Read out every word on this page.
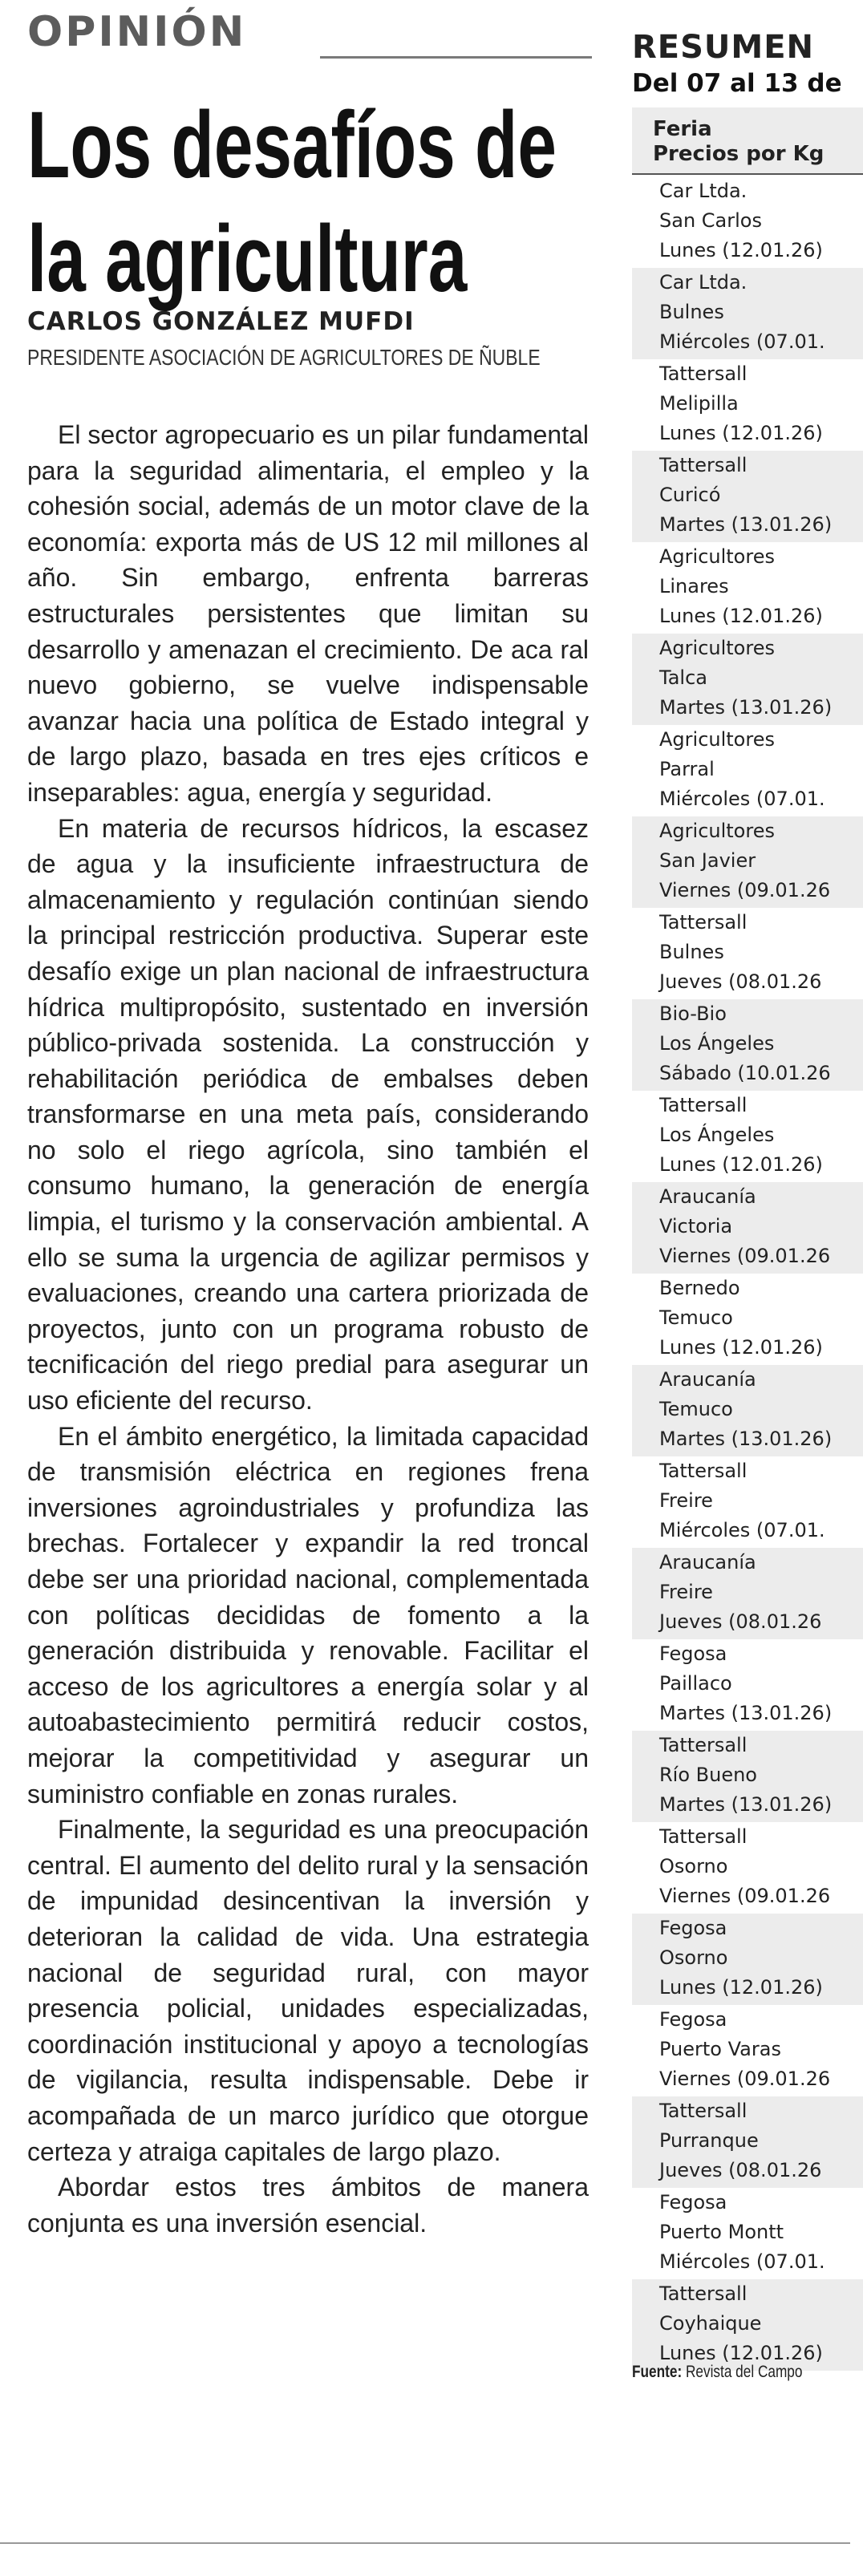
OPINIÓN
Los desafíos de
la agricultura
CARLOS GONZÁLEZ MUFDI
PRESIDENTE ASOCIACIÓN DE AGRICULTORES DE ÑUBLE

El sector agropecuario es un pilar fundamental para la seguridad alimentaria, el empleo y la cohesión social, además de un motor clave de la economía: exporta más de US 12 mil millones al año. Sin embargo, enfrenta barreras estructurales persistentes que limitan su desarrollo y amenazan el crecimiento. De aca ral nuevo gobierno, se vuelve indispensable avanzar hacia una política de Estado integral y de largo plazo, basada en tres ejes críticos e inseparables: agua, energía y seguridad.

En materia de recursos hídricos, la escasez de agua y la insuficiente infraestructura de almacenamiento y regulación continúan siendo la principal restricción productiva. Superar este desafío exige un plan nacional de infraestructura hídrica multipropósito, sustentado en inversión público-privada sostenida. La construcción y rehabilitación periódica de embalses deben transformarse en una meta país, considerando no solo el riego agrícola, sino también el consumo humano, la generación de energía limpia, el turismo y la conservación ambiental. A ello se suma la urgencia de agilizar permisos y evaluaciones, creando una cartera priorizada de proyectos, junto con un programa robusto de tecnificación del riego predial para asegurar un uso eficiente del recurso.

En el ámbito energético, la limitada capacidad de transmisión eléctrica en regiones frena inversiones agroindustriales y profundiza las brechas. Fortalecer y expandir la red troncal debe ser una prioridad nacional, complementada con políticas decididas de fomento a la generación distribuida y renovable. Facilitar el acceso de los agricultores a energía solar y al autoabastecimiento permitirá reducir costos, mejorar la competitividad y asegurar un suministro confiable en zonas rurales.

Finalmente, la seguridad es una preocupación central. El aumento del delito rural y la sensación de impunidad desincentivan la inversión y deterioran la calidad de vida. Una estrategia nacional de seguridad rural, con mayor presencia policial, unidades especializadas, coordinación institucional y apoyo a tecnologías de vigilancia, resulta indispensable. Debe ir acompañada de un marco jurídico que otorgue certeza y atraiga capitales de largo plazo.

Abordar estos tres ámbitos de manera conjunta es una inversión esencial.

RESUMEN
Del 07 al 13 de
Feria
Precios por Kg
Car Ltda.
San Carlos
Lunes (12.01.26)
Car Ltda.
Bulnes
Miércoles (07.01.
Tattersall
Melipilla
Lunes (12.01.26)
Tattersall
Curicó
Martes (13.01.26)
Agricultores
Linares
Lunes (12.01.26)
Agricultores
Talca
Martes (13.01.26)
Agricultores
Parral
Miércoles (07.01.
Agricultores
San Javier
Viernes (09.01.26
Tattersall
Bulnes
Jueves (08.01.26
Bio-Bio
Los Ángeles
Sábado (10.01.26
Tattersall
Los Ángeles
Lunes (12.01.26)
Araucanía
Victoria
Viernes (09.01.26
Bernedo
Temuco
Lunes (12.01.26)
Araucanía
Temuco
Martes (13.01.26)
Tattersall
Freire
Miércoles (07.01.
Araucanía
Freire
Jueves (08.01.26
Fegosa
Paillaco
Martes (13.01.26)
Tattersall
Río Bueno
Martes (13.01.26)
Tattersall
Osorno
Viernes (09.01.26
Fegosa
Osorno
Lunes (12.01.26)
Fegosa
Puerto Varas
Viernes (09.01.26
Tattersall
Purranque
Jueves (08.01.26
Fegosa
Puerto Montt
Miércoles (07.01.
Tattersall
Coyhaique
Lunes (12.01.26)
Fuente: Revista del Campo
